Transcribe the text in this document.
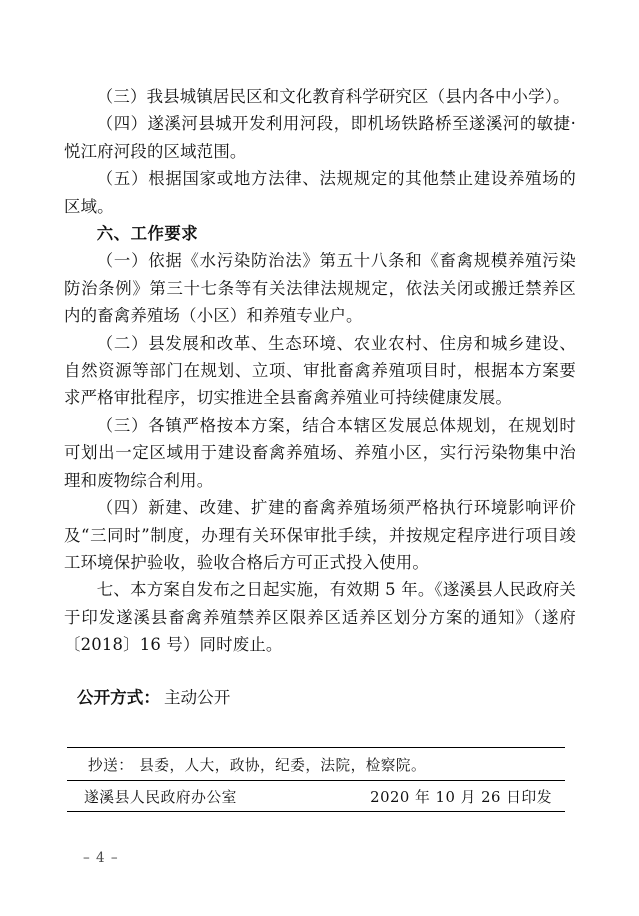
（三）我县城镇居民区和文化教育科学研究区（县内各中小学）。

（四）遂溪河县城开发利用河段，即机场铁路桥至遂溪河的敏捷·悦江府河段的区域范围。

（五）根据国家或地方法律、法规规定的其他禁止建设养殖场的区域。

六、工作要求

（一）依据《水污染防治法》第五十八条和《畜禽规模养殖污染防治条例》第三十七条等有关法律法规规定，依法关闭或搬迁禁养区内的畜禽养殖场（小区）和养殖专业户。

（二）县发展和改革、生态环境、农业农村、住房和城乡建设、自然资源等部门在规划、立项、审批畜禽养殖项目时，根据本方案要求严格审批程序，切实推进全县畜禽养殖业可持续健康发展。

（三）各镇严格按本方案，结合本辖区发展总体规划，在规划时可划出一定区域用于建设畜禽养殖场、养殖小区，实行污染物集中治理和废物综合利用。

（四）新建、改建、扩建的畜禽养殖场须严格执行环境影响评价及“三同时”制度，办理有关环保审批手续，并按规定程序进行项目竣工环境保护验收，验收合格后方可正式投入使用。

七、本方案自发布之日起实施，有效期 5 年。《遂溪县人民政府关于印发遂溪县畜禽养殖禁养区限养区适养区划分方案的通知》（遂府〔2018〕16 号）同时废止。

公开方式： 主动公开
抄送： 县委，人大，政协，纪委，法院，检察院。
遂溪县人民政府办公室	2020 年 10 月 26 日印发
– 4 –
